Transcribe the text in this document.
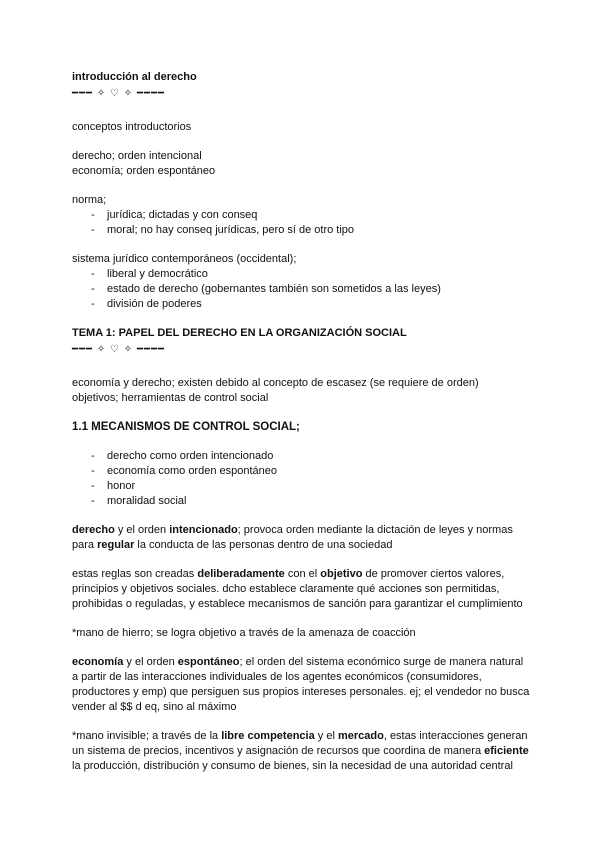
introducción al derecho
━━━ ✧ ♡ ✧ ━━━━

conceptos introductorios

derecho; orden intencional

economía; orden espontáneo

norma;

- jurídica; dictadas y con conseq
- moral; no hay conseq jurídicas, pero sí de otro tipo

sistema jurídico contemporáneos (occidental);

- liberal y democrático
- estado de derecho (gobernantes también son sometidos a las leyes)
- división de poderes
TEMA 1: PAPEL DEL DERECHO EN LA ORGANIZACIÓN SOCIAL
━━━ ✧ ♡ ✧ ━━━━

economía y derecho; existen debido al concepto de escasez (se requiere de orden)

objetivos; herramientas de control social

1.1 MECANISMOS DE CONTROL SOCIAL;
- derecho como orden intencionado
- economía como orden espontáneo
- honor
- moralidad social

derecho y el orden intencionado; provoca orden mediante la dictación de leyes y normas para regular la conducta de las personas dentro de una sociedad

estas reglas son creadas deliberadamente con el objetivo de promover ciertos valores, principios y objetivos sociales. dcho establece claramente qué acciones son permitidas, prohibidas o reguladas, y establece mecanismos de sanción para garantizar el cumplimiento

*mano de hierro; se logra objetivo a través de la amenaza de coacción

economía y el orden espontáneo; el orden del sistema económico surge de manera natural a partir de las interacciones individuales de los agentes económicos (consumidores, productores y emp) que persiguen sus propios intereses personales. ej; el vendedor no busca vender al $$ d eq, sino al máximo

*mano invisible; a través de la libre competencia y el mercado, estas interacciones generan un sistema de precios, incentivos y asignación de recursos que coordina de manera eficiente la producción, distribución y consumo de bienes, sin la necesidad de una autoridad central
